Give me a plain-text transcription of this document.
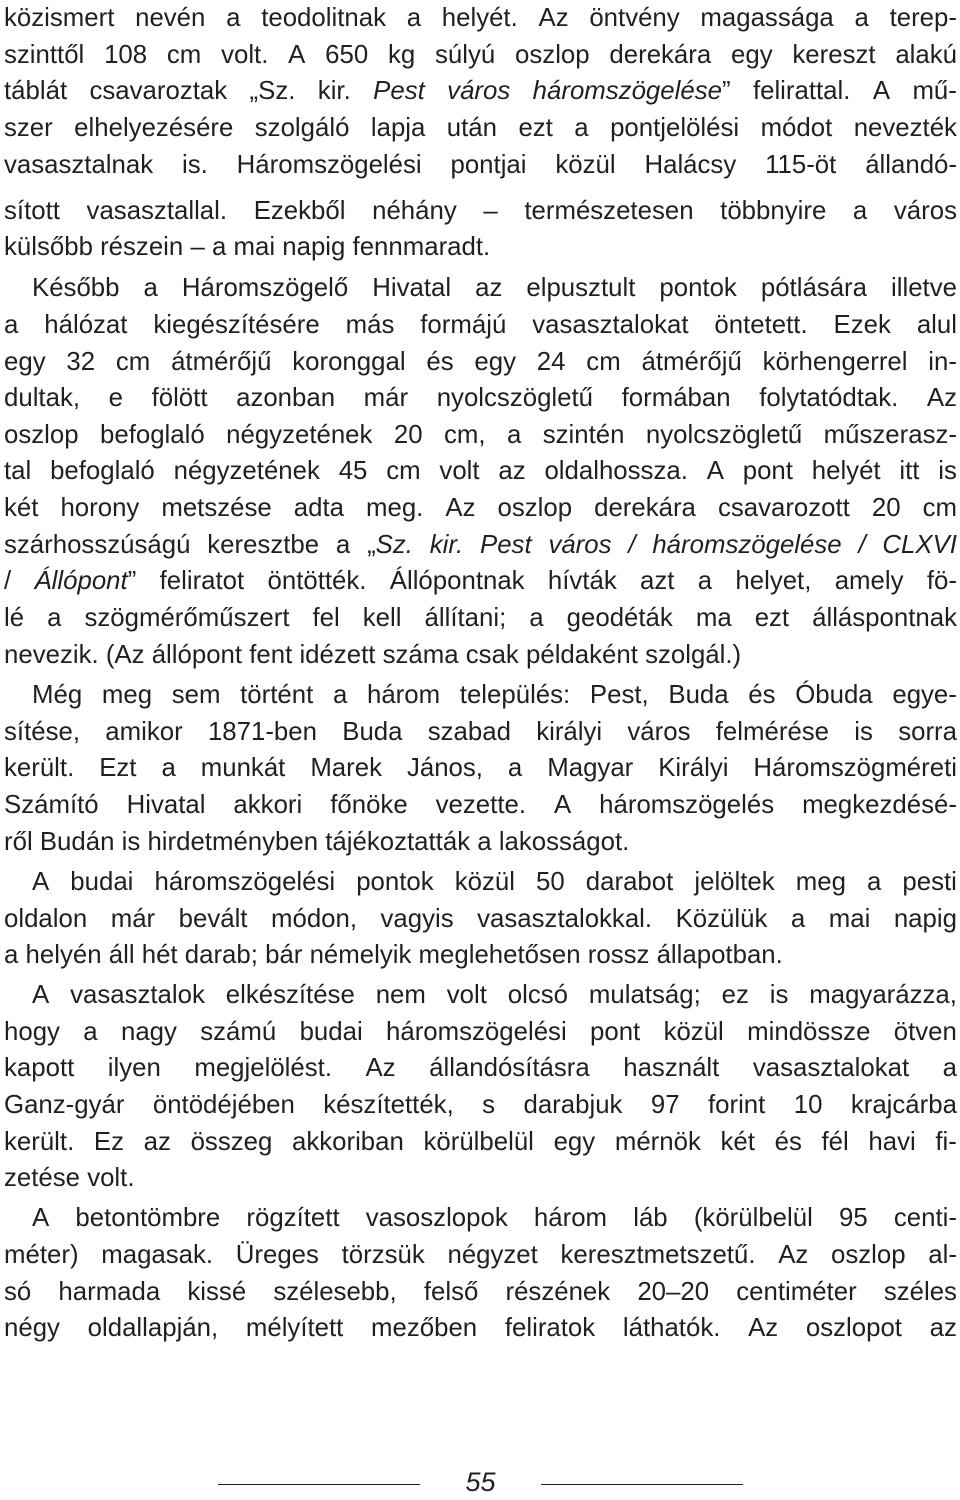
közismert nevén a teodolitnak a helyét. Az öntvény magassága a terep-
szinttől 108 cm volt. A 650 kg súlyú oszlop derekára egy kereszt alakú
táblát csavaroztak „Sz. kir. Pest város háromszögelése” felirattal. A mű-
szer elhelyezésére szolgáló lapja után ezt a pontjelölési módot nevezték
vasasztalnak is. Háromszögelési pontjai közül Halácsy 115-öt állandó-
sított vasasztallal. Ezekből néhány – természetesen többnyire a város
külsőbb
részein
–
a
mai
napig
fennmaradt.
Később a Háromszögelő Hivatal az elpusztult pontok pótlására illetve
a hálózat kiegészítésére más formájú vasasztalokat öntetett. Ezek alul
egy 32 cm átmérőjű koronggal és egy 24 cm átmérőjű körhengerrel in-
dultak, e fölött azonban már nyolcszögletű formában folytatódtak. Az
oszlop befoglaló négyzetének 20 cm, a szintén nyolcszögletű műszerasz-
tal befoglaló négyzetének 45 cm volt az oldalhossza. A pont helyét itt is
két horony metszése adta meg. Az oszlop derekára csavarozott 20 cm
szárhosszúságú keresztbe a „Sz. kir. Pest város / háromszögelése / CLXVI
/ Állópont” feliratot öntötték. Állópontnak hívták azt a helyet, amely fö-
lé a szögmérőműszert fel kell állítani; a geodéták ma ezt álláspontnak
nevezik.
(Az
állópont
fent
idézett
száma
csak
példaként
szolgál.)
Még meg sem történt a három település: Pest, Buda és Óbuda egye-
sítése, amikor 1871-ben Buda szabad királyi város felmérése is sorra
került. Ezt a munkát Marek János, a Magyar Királyi Háromszögméreti
Számító Hivatal akkori főnöke vezette. A háromszögelés megkezdésé-
ről
Budán
is
hirdetményben
tájékoztatták
a
lakosságot.
A budai háromszögelési pontok közül 50 darabot jelöltek meg a pesti
oldalon már bevált módon, vagyis vasasztalokkal. Közülük a mai napig
a
helyén
áll
hét
darab;
bár
némelyik
meglehetősen
rossz
állapotban.
A vasasztalok elkészítése nem volt olcsó mulatság; ez is magyarázza,
hogy a nagy számú budai háromszögelési pont közül mindössze ötven
kapott ilyen megjelölést. Az állandósításra használt vasasztalokat a
Ganz-gyár öntödéjében készítették, s darabjuk 97 forint 10 krajcárba
került. Ez az összeg akkoriban körülbelül egy mérnök két és fél havi fi-
zetése
volt.
A betontömbre rögzített vasoszlopok három láb (körülbelül 95 centi-
méter) magasak. Üreges törzsük négyzet keresztmetszetű. Az oszlop al-
só harmada kissé szélesebb, felső részének 20–20 centiméter széles
négy oldallapján, mélyített mezőben feliratok láthatók. Az oszlopot az
55
